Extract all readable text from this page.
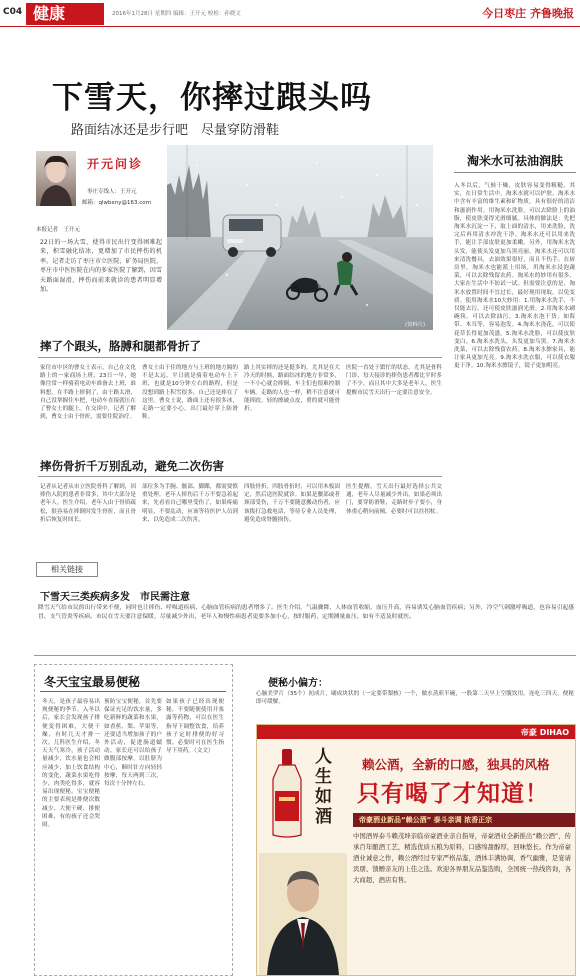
C04 健康	2016年1月28日 星期四 编辑：王开元 校检：孙晓文	今日枣庄 齐鲁晚报
下雪天，你摔过跟头吗
路面结冰还是步行吧　尽量穿防滑鞋
开元问诊
枣庄专线人：王开元
邮箱：qlwbxny@163.com
本报记者　王开元
22日的一场大雪，使得市民出行变得困难起来，积雪融化结冰，更增加了市民摔伤的机率。记者走访了枣庄市立医院、矿务局医院、枣庄市中医医院在内的多家医院了解到，因雪天路面湿滑，摔伤而前来就诊的患者明显增加。
(资料片)
淘米水可祛油润肤
入冬以后，气候干燥，皮肤容易变得粗糙。其实，在日常生活中，淘米水就可以护肤。淘米水中含有丰富的维生素和矿物质，具有很好的清洁和滋润作用。用淘米水洗脸，可以去除脸上的油脂，使皮肤变得光滑细腻。具体的做法是：先把淘米水沉淀一下，取上面的清水，用来洗脸，洗完后再用清水冲洗干净。淘米水还可以用来洗手，能让手部皮肤更加柔嫩。另外，用淘米水洗头发，能使头发更加乌黑亮丽。淘米水还可以用来清洗餐具，去油效果很好，而且不伤手。在厨房里，淘米水也能派上用场，用淘米水浸泡蔬菜，可以去除残留农药。淘米水的妙用有很多，大家在生活中不妨试一试。但需要注意的是，淘米水放置时间不宜过长，最好现用现取，以免变质。使用淘米水10大妙用：1.用淘米水洗手，不仅能去污，还可使皮肤滋润光滑。2.用淘米水刷碗筷，可以去除油污。3.淘米水泡干货，如海带、木耳等，容易泡发。4.淘米水浇花，可以使花草长得更加茂盛。5.淘米水洗脸，可以使皮肤变白。6.淘米水洗头，头发更加乌黑。7.淘米水洗菜，可以去除残留农药。8.淘米水擦家具，能让家具更加光亮。9.淘米水洗衣服，可以使衣服更干净。10.淘米水擦镜子，镜子更加明亮。
摔了个跟头，胳膊和腿都骨折了
家住市中区的曹女士表示，自己在文化路上的一家商场上班，23日一早，她像往常一样骑着电动车准备去上班，谁料想，在半路上摔倒了，由于路太滑，自己没掌握住车把，电动车直接就压在了曹女士的腿上。在交谈中，记者了解到，曹女士由于骨折，需要住院治疗。
曹女士由于住的地方与上班的地方隔的不是太远，平日就是骑着电动车上下班，也就是10分钟左右的路程，但是没想到路上积雪很多，自己还是摔在了这里。曹女士说，路面上还有很多冰，走路一定要小心，出门最好穿上防滑鞋。
路上其实摔的还是挺多的，尤其是在大冷天的时候，路面结冰的地方非常多，一不小心就会摔倒，车主们也很难控制车辆。走路的人也一样，稍不注意就可能摔跤，轻的擦破点皮，重的就可能骨折。
医院一直处于繁忙的状态，尤其是骨科门诊，每天接诊的摔伤患者都比平时多了不少，而且其中大多是老年人，医生提醒市民雪天出行一定要注意安全。
摔伤骨折千万别乱动，避免二次伤害
记者从记者从市立医院骨科了解到，因摔伤入院的患者非常多，其中大部分是老年人。医生介绍，老年人由于骨质疏松，很容易在摔倒时发生骨折，而且骨折后恢复时间长。
部位多为手腕、髋部、脚踝，都需要慎重处理。老年人摔伤后千万不要急着起来，先看看自己哪里受伤了，如果疼痛明显，不要乱动，应该等待医护人员到来，以免造成二次伤害。
四肢骨折，四肢骨折时，可以用木板固定，然后送医院就诊。如果是腰部或者颈部受伤，千万不要随意搬动伤者，应该拨打急救电话，等待专业人员处理，避免造成脊髓损伤。
医生提醒，雪天出行最好选择公共交通，老年人尽量减少外出，如果必须出门，要穿防滑鞋，走路时步子要小，身体重心稍向前倾，必要时可以拄拐杖。
相关链接
下雪天三类疾病多发　市民需注意
降雪天气给市民的出行带来不便，同时也让摔伤、呼吸道疾病、心脑血管疾病的患者增多了。医生介绍，气温骤降，人体血管收缩，血压升高，容易诱发心脑血管疾病；另外，冷空气刺激呼吸道，也容易引起感冒、支气管炎等疾病。市民在雪天要注意保暖，尽量减少外出，老年人和慢性病患者更要多加小心，按时服药，定期测量血压，如有不适及时就医。
冬天宝宝最易便秘
冬天，是孩子最容易出现便秘的季节。入冬以后，家长会发现孩子排便变得困难，大便干燥，有时几天才排一次。儿科医生介绍，冬天天气寒冷，孩子活动量减少，饮水量也会相应减少，加上饮食结构的变化，蔬菜水果吃得少，肉类吃得多，就容易出现便秘。宝宝便秘的主要表现是排便次数减少、大便干硬、排便困难，有的孩子还会哭闹。
预防宝宝便秘，首先要保证充足的饮水量，多吃新鲜的蔬菜和水果，如香蕉、梨、苹果等，还要适当增加孩子的户外活动，促进肠道蠕动。家长还可以给孩子做腹部按摩，以肚脐为中心，顺时针方向轻轻按摩，每天两到三次，每次十分钟左右。
如果孩子已经出现便秘，不要随便使用开塞露等药物，可以在医生指导下调整饮食，培养孩子定时排便的好习惯。必要时可在医生指导下用药。（文文）
便秘小偏方：
心脑美罗片（35个）初成片，刷成块状的（一定要带梨核）一个，做水蒸煎半碗，一股第二天早上空腹饮用，连吃三四天，便秘即可缓解。
帝豪 DIHAO
人生如酒
赖公酒，全新的口感，独具的风格
只有喝了才知道！
帝豪酒业新品“赖公酒” 泰斗亲调 浓香正宗
中国酒界泰斗赖茂坤亲临帝豪酒业亲自指导，帝豪酒业全新推出“赖公酒”，传承百年酿酒工艺，精选优质五粮为原料，口感绵甜醇厚，回味悠长。作为帝豪酒业诚意之作，赖公酒经过专家严格品鉴，酒体丰满协调，香气幽雅，是宴请宾朋、馈赠亲友的上佳之选。欢迎各界朋友品鉴选购，全国统一热线咨询，各大商超、酒店有售。
